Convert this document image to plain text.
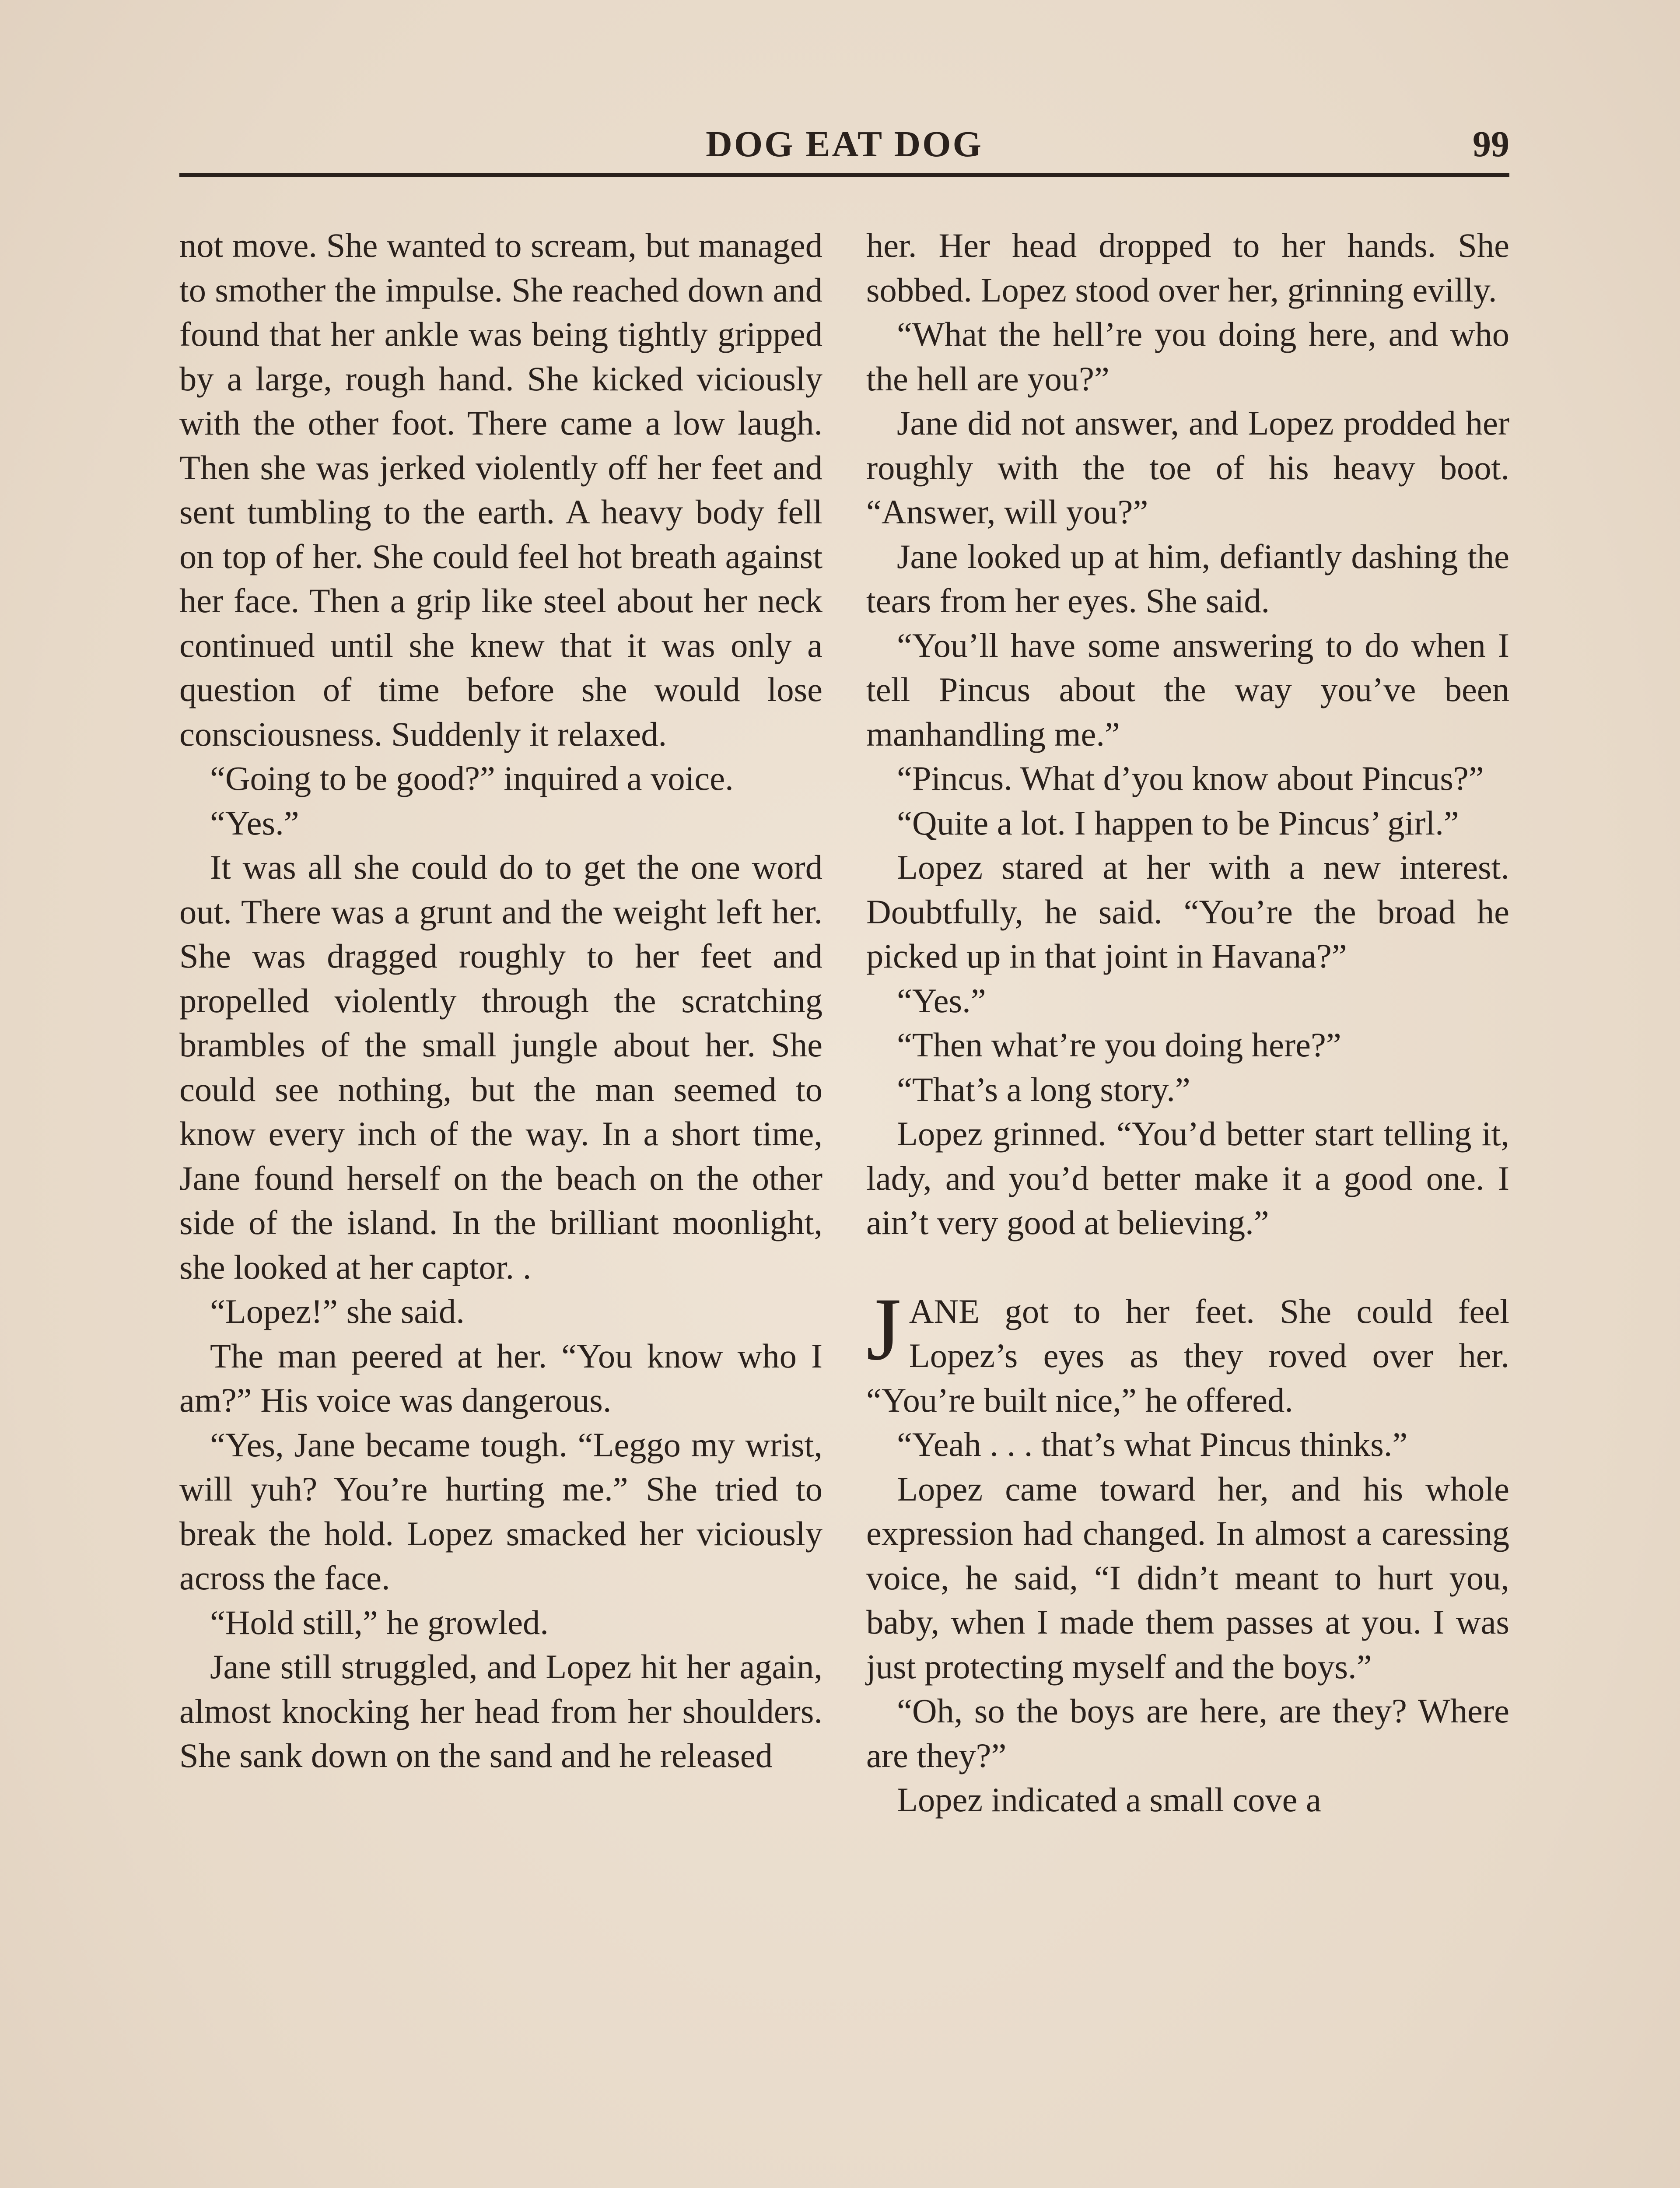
DOG EAT DOG	99

not move. She wanted to scream, but managed to smother the impulse. She reached down and found that her ankle was being tightly gripped by a large, rough hand. She kicked viciously with the other foot. There came a low laugh. Then she was jerked violently off her feet and sent tumbling to the earth. A heavy body fell on top of her. She could feel hot breath against her face. Then a grip like steel about her neck continued until she knew that it was only a question of time before she would lose consciousness. Suddenly it relaxed.

“Going to be good?” inquired a voice.

“Yes.”

It was all she could do to get the one word out. There was a grunt and the weight left her. She was dragged roughly to her feet and propelled violently through the scratching brambles of the small jungle about her. She could see nothing, but the man seemed to know every inch of the way. In a short time, Jane found herself on the beach on the other side of the island. In the brilliant moonlight, she looked at her captor. .

“Lopez!” she said.

The man peered at her. “You know who I am?” His voice was dangerous.

“Yes, Jane became tough. “Leggo my wrist, will yuh? You’re hurting me.” She tried to break the hold. Lopez smacked her viciously across the face.

“Hold still,” he growled.

Jane still struggled, and Lopez hit her again, almost knocking her head from her shoulders. She sank down on the sand and he released

her. Her head dropped to her hands. She sobbed. Lopez stood over her, grinning evilly.

“What the hell’re you doing here, and who the hell are you?”

Jane did not answer, and Lopez prodded her roughly with the toe of his heavy boot. “Answer, will you?”

Jane looked up at him, defiantly dashing the tears from her eyes. She said.

“You’ll have some answering to do when I tell Pincus about the way you’ve been manhandling me.”

“Pincus. What d’you know about Pincus?”

“Quite a lot. I happen to be Pincus’ girl.”

Lopez stared at her with a new interest. Doubtfully, he said. “You’re the broad he picked up in that joint in Havana?”

“Yes.”

“Then what’re you doing here?”

“That’s a long story.”

Lopez grinned. “You’d better start telling it, lady, and you’d better make it a good one. I ain’t very good at believing.”

JANE got to her feet. She could feel Lopez’s eyes as they roved over her. “You’re built nice,” he offered.

“Yeah . . . that’s what Pincus thinks.”

Lopez came toward her, and his whole expression had changed. In almost a caressing voice, he said, “I didn’t meant to hurt you, baby, when I made them passes at you. I was just protecting myself and the boys.”

“Oh, so the boys are here, are they? Where are they?”

Lopez indicated a small cove a
